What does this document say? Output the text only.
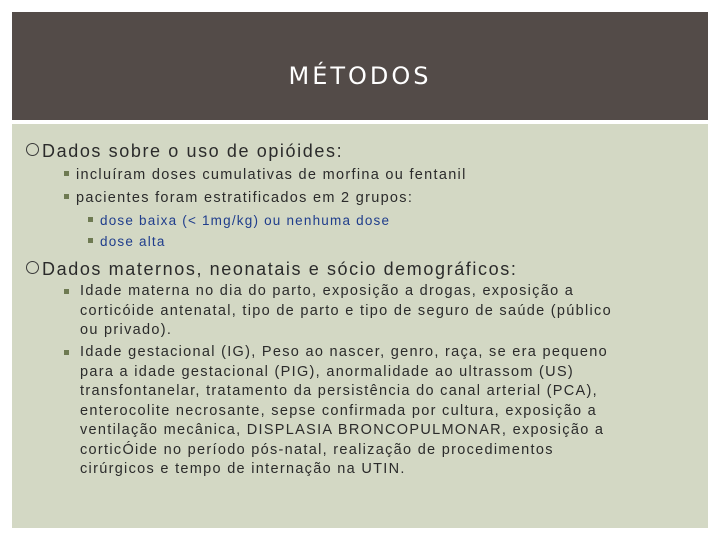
MÉTODOS
Dados sobre o uso de opióides:
incluíram doses cumulativas de morfina ou fentanil
pacientes foram estratificados em 2 grupos:
dose baixa (< 1mg/kg) ou nenhuma dose
dose alta
Dados maternos, neonatais e sócio demográficos:
Idade materna no dia do parto, exposição a drogas, exposição a
corticóide antenatal, tipo de parto e tipo de seguro de saúde (público
ou privado).
Idade gestacional (IG), Peso ao nascer, genro, raça, se era pequeno
para a idade gestacional (PIG), anormalidade ao ultrassom (US)
transfontanelar, tratamento da persistência do canal arterial (PCA),
enterocolite necrosante, sepse confirmada por cultura, exposição a
ventilação mecânica, DISPLASIA BRONCOPULMONAR, exposição a
corticÓide no período pós-natal, realização de procedimentos
cirúrgicos e tempo de internação na UTIN.
